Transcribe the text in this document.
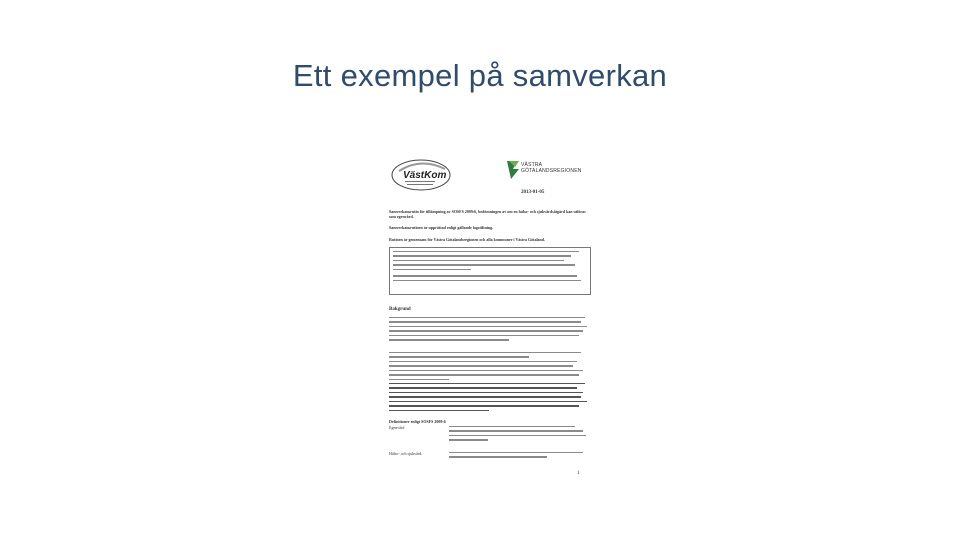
Ett exempel på samverkan
VästKom
VÄSTRA GÖTALANDSREGIONEN
2013-01-05
Samverkansrutin för tillämpning av SOSFS 2009:6, bedömningen av om en hälso- och sjukvårdsåtgärd kan utföras som egenvård.
Samverkansrutinen är upprättad enligt gällande lagstiftning.
Rutinen är gemensam för Västra Götalandsregionen och alla kommuner i Västra Götaland.
Bakgrund
Definitioner enligt SOSFS 2009:6
Egenvård
Hälso- och sjukvård:
1
